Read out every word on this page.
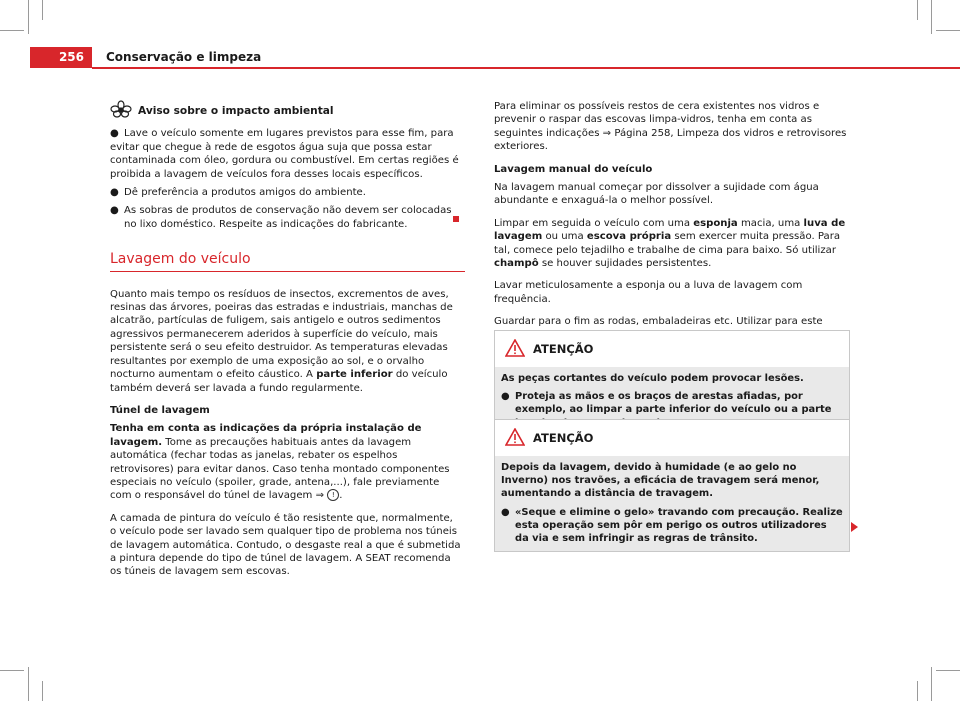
256	Conservação e limpeza
Aviso sobre o impacto ambiental
● Lave o veículo somente em lugares previstos para esse fim, para evitar que chegue à rede de esgotos água suja que possa estar contaminada com óleo, gordura ou combustível. Em certas regiões é proibida a lavagem de veículos fora desses locais específicos.
● Dê preferência a produtos amigos do ambiente.
● As sobras de produtos de conservação não devem ser colocadas no lixo doméstico. Respeite as indicações do fabricante.
Lavagem do veículo

Quanto mais tempo os resíduos de insectos, excrementos de aves, resinas das árvores, poeiras das estradas e industriais, manchas de alcatrão, partículas de fuligem, sais antigelo e outros sedimentos agressivos permanecerem aderidos à superfície do veículo, mais persistente será o seu efeito destruidor. As temperaturas elevadas resultantes por exemplo de uma exposição ao sol, e o orvalho nocturno aumentam o efeito cáustico. A parte inferior do veículo também deverá ser lavada a fundo regularmente.

Túnel de lavagem

Tenha em conta as indicações da própria instalação de lavagem. Tome as precauções habituais antes da lavagem automática (fechar todas as janelas, rebater os espelhos retrovisores) para evitar danos. Caso tenha montado componentes especiais no veículo (spoiler, grade, antena,...), fale previamente com o responsável do túnel de lavagem ⇒ ! .

A camada de pintura do veículo é tão resistente que, normalmente, o veículo pode ser lavado sem qualquer tipo de problema nos túneis de lavagem automática. Contudo, o desgaste real a que é submetida a pintura depende do tipo de túnel de lavagem. A SEAT recomenda os túneis de lavagem sem escovas.

Para eliminar os possíveis restos de cera existentes nos vidros e prevenir o raspar das escovas limpa-vidros, tenha em conta as seguintes indicações ⇒ Página 258, Limpeza dos vidros e retrovisores exteriores.

Lavagem manual do veículo

Na lavagem manual começar por dissolver a sujidade com água abundante e enxaguá-la o melhor possível.

Limpar em seguida o veículo com uma esponja macia, uma luva de lavagem ou uma escova própria sem exercer muita pressão. Para tal, comece pelo tejadilho e trabalhe de cima para baixo. Só utilizar champô se houver sujidades persistentes.

Lavar meticulosamente a esponja ou a luva de lavagem com frequência.

Guardar para o fim as rodas, embaladeiras etc. Utilizar para este

ATENÇÃO

As peças cortantes do veículo podem provocar lesões.

● Proteja as mãos e os braços de arestas afiadas, por exemplo, ao limpar a parte inferior do veículo ou a parte
ATENÇÃO

Depois da lavagem, devido à humidade (e ao gelo no Inverno) nos travões, a eficácia de travagem será menor, aumentando a distância de travagem.

● «Seque e elimine o gelo» travando com precaução. Realize esta operação sem pôr em perigo os outros utilizadores da via e sem infringir as regras de trânsito.
